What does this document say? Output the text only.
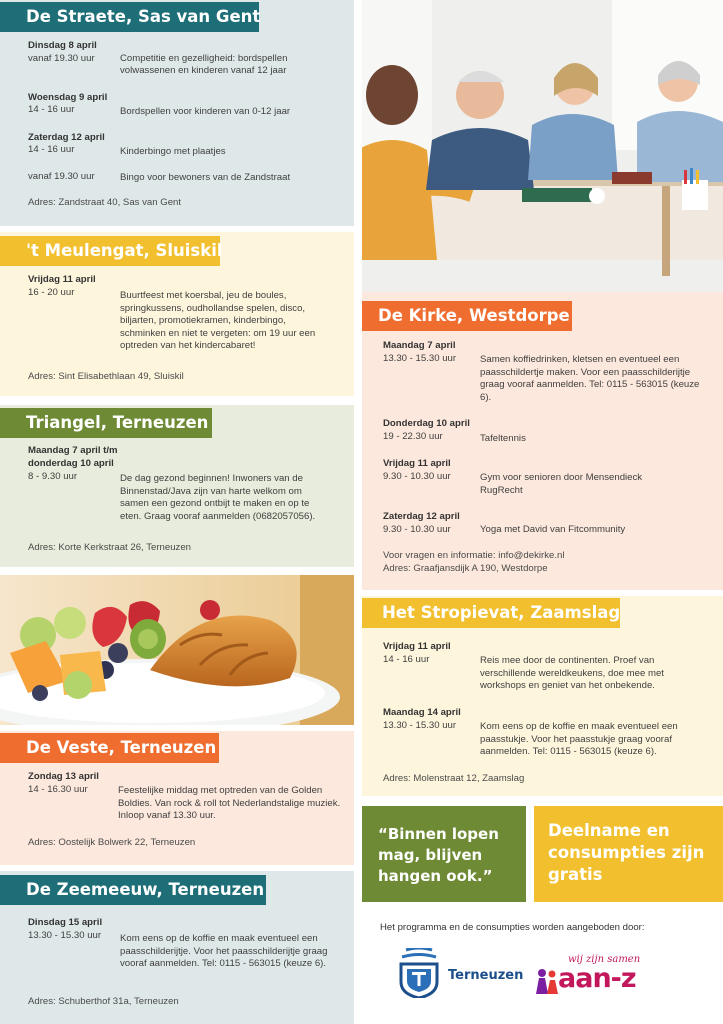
De Straete, Sas van Gent
Dinsdag 8 april
vanaf 19.30 uur	Competitie en gezelligheid: bordspellen volwassenen en kinderen vanaf 12 jaar
Woensdag 9 april
14 - 16 uur	Bordspellen voor kinderen van 0-12 jaar
Zaterdag 12 april
14 - 16 uur	Kinderbingo met plaatjes
vanaf 19.30 uur	Bingo voor bewoners van de Zandstraat
Adres: Zandstraat 40, Sas van Gent
't Meulengat, Sluiskil
Vrijdag 11 april
16 - 20 uur	Buurtfeest met koersbal, jeu de boules, springkussens, oudhollandse spelen, disco, biljarten, promotiekramen, kinderbingo, schminken en niet te vergeten: om 19 uur een optreden van het kindercabaret!
Adres: Sint Elisabethlaan 49, Sluiskil
Triangel, Terneuzen
Maandag 7 april t/m
donderdag 10 april
8 - 9.30 uur	De dag gezond beginnen! Inwoners van de Binnenstad/Java zijn van harte welkom om samen een gezond ontbijt te maken en op te eten. Graag vooraf aanmelden (0682057056).
Adres: Korte Kerkstraat 26, Terneuzen
De Veste, Terneuzen
Zondag 13 april
14 - 16.30 uur	Feestelijke middag met optreden van de Golden Boldies. Van rock & roll tot Nederlandstalige muziek. Inloop vanaf 13.30 uur.
Adres: Oostelijk Bolwerk 22, Terneuzen
De Zeemeeuw, Terneuzen
Dinsdag 15 april
13.30 - 15.30 uur	Kom eens op de koffie en maak eventueel een paasschilderijtje. Voor het paasschilderijtje graag vooraf aanmelden. Tel: 0115 - 563015 (keuze 6).
Adres: Schuberthof 31a, Terneuzen
De Kirke, Westdorpe
Maandag 7 april
13.30 - 15.30 uur	Samen koffiedrinken, kletsen en eventueel een paasschildertje maken. Voor een paasschilderijtje graag vooraf aanmelden. Tel: 0115 - 563015 (keuze 6).
Donderdag 10 april
19 - 22.30 uur	Tafeltennis
Vrijdag 11 april
9.30 - 10.30 uur	Gym voor senioren door Mensendieck RugRecht
Zaterdag 12 april
9.30 - 10.30 uur	Yoga met David van Fitcommunity
Voor vragen en informatie: info@dekirke.nl
Adres: Graafjansdijk A 190, Westdorpe
Het Stropievat, Zaamslag
Vrijdag 11 april
14 - 16 uur	Reis mee door de continenten. Proef van verschillende wereldkeukens, doe mee met workshops en geniet van het onbekende.
Maandag 14 april
13.30 - 15.30 uur	Kom eens op de koffie en maak eventueel een paasstukje. Voor het paasstukje graag vooraf aanmelden. Tel: 0115 - 563015 (keuze 6).
Adres: Molenstraat 12, Zaamslag
“Binnen lopen mag, blijven hangen ook.”
Deelname en consumpties zijn gratis
Het programma en de consumpties worden aangeboden door:
Terneuzen
wij zijn samen
aan-z
